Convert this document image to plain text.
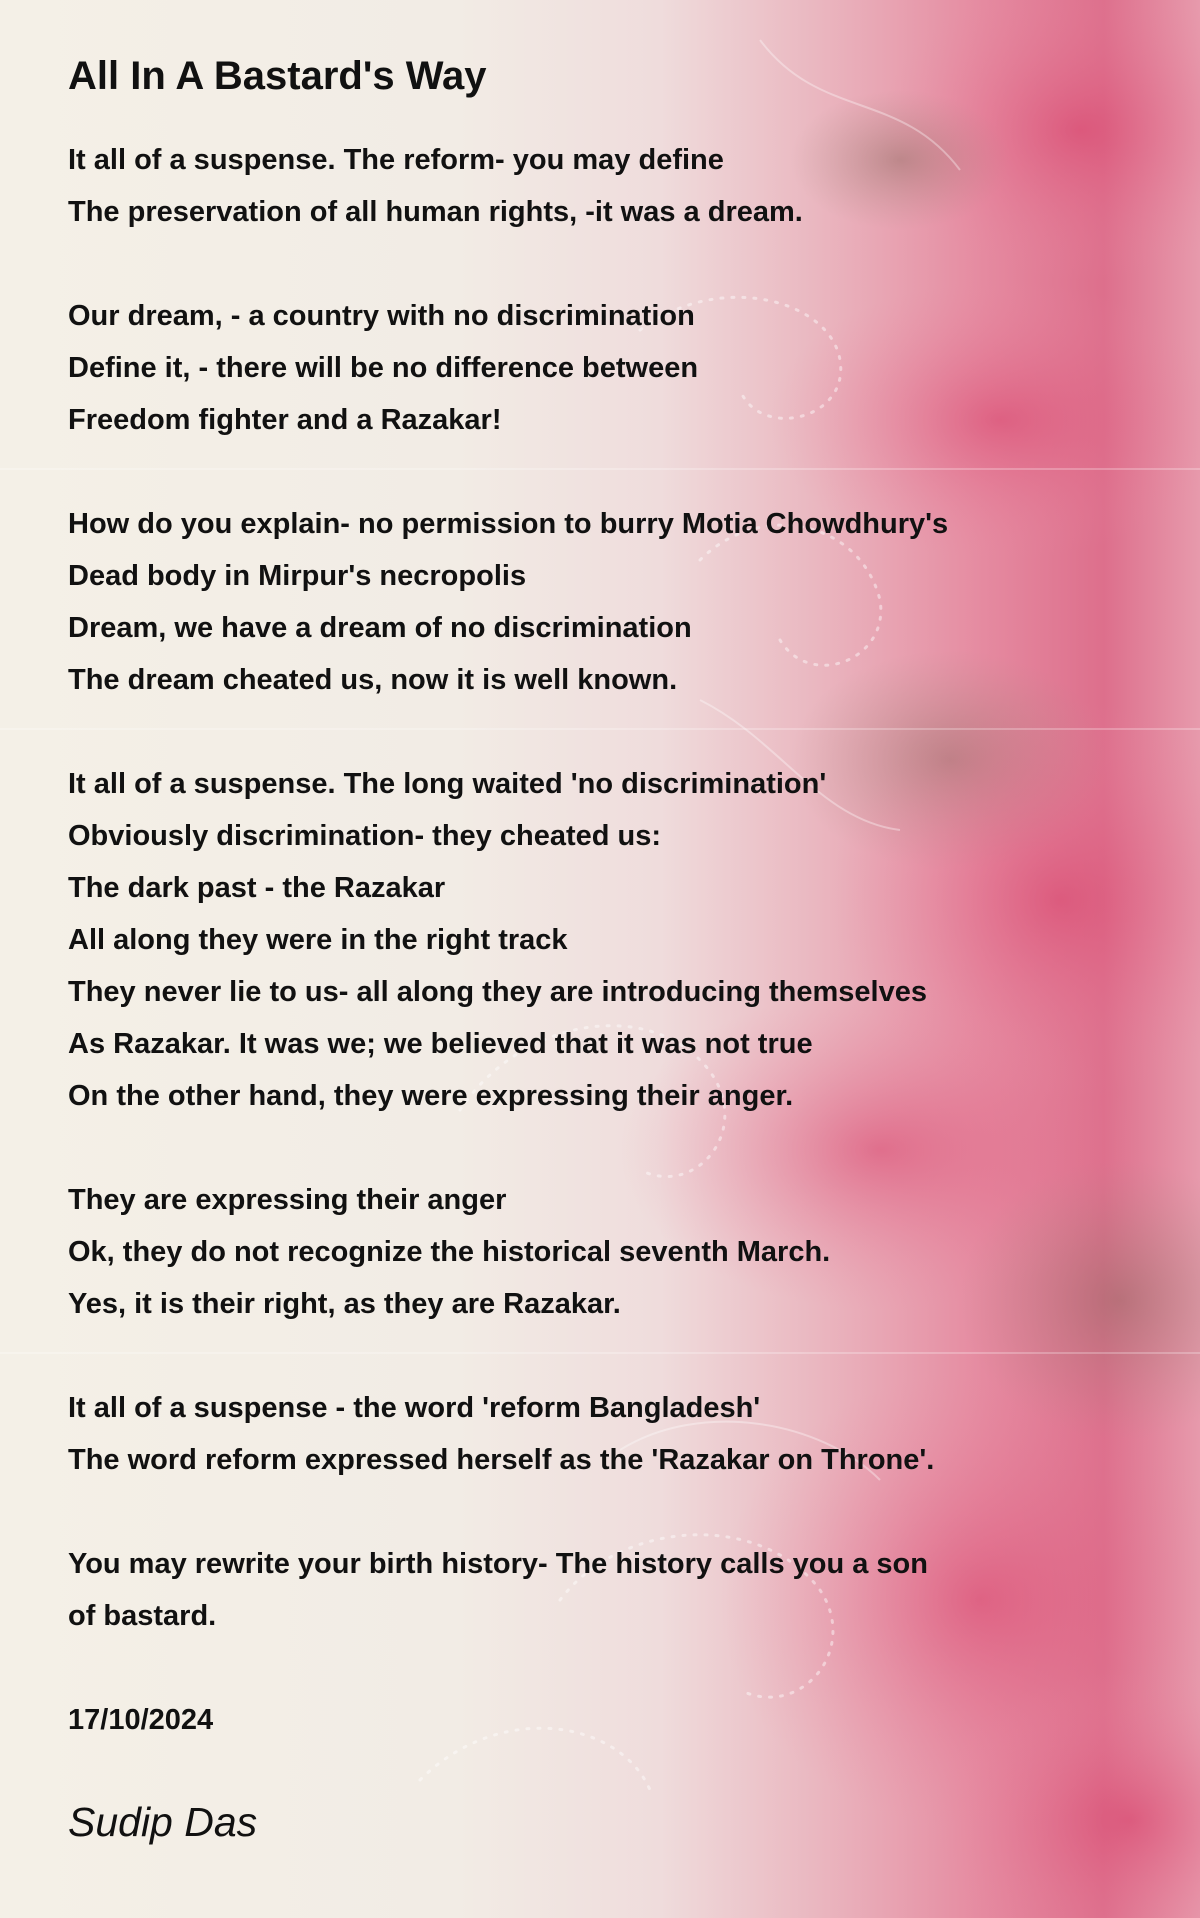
All In A Bastard's Way
It all of a suspense. The reform- you may define
The preservation of all human rights, -it was a dream.
Our dream, - a country with no discrimination
Define it, - there will be no difference between
Freedom fighter and a Razakar!
How do you explain- no permission to burry Motia Chowdhury's
Dead body in Mirpur's necropolis
Dream, we have a dream of no discrimination
The dream cheated us, now it is well known.
It all of a suspense. The long waited 'no discrimination'
Obviously discrimination- they cheated us:
The dark past - the Razakar
All along they were in the right track
They never lie to us- all along they are introducing themselves
As Razakar. It was we; we believed that it was not true
On the other hand, they were expressing their anger.
They are expressing their anger
Ok, they do not recognize the historical seventh March.
Yes, it is their right, as they are Razakar.
It all of a suspense - the word 'reform Bangladesh'
The word reform expressed herself as the 'Razakar on Throne'.
You may rewrite your birth history- The history calls you a son
of bastard.
17/10/2024
Sudip Das
